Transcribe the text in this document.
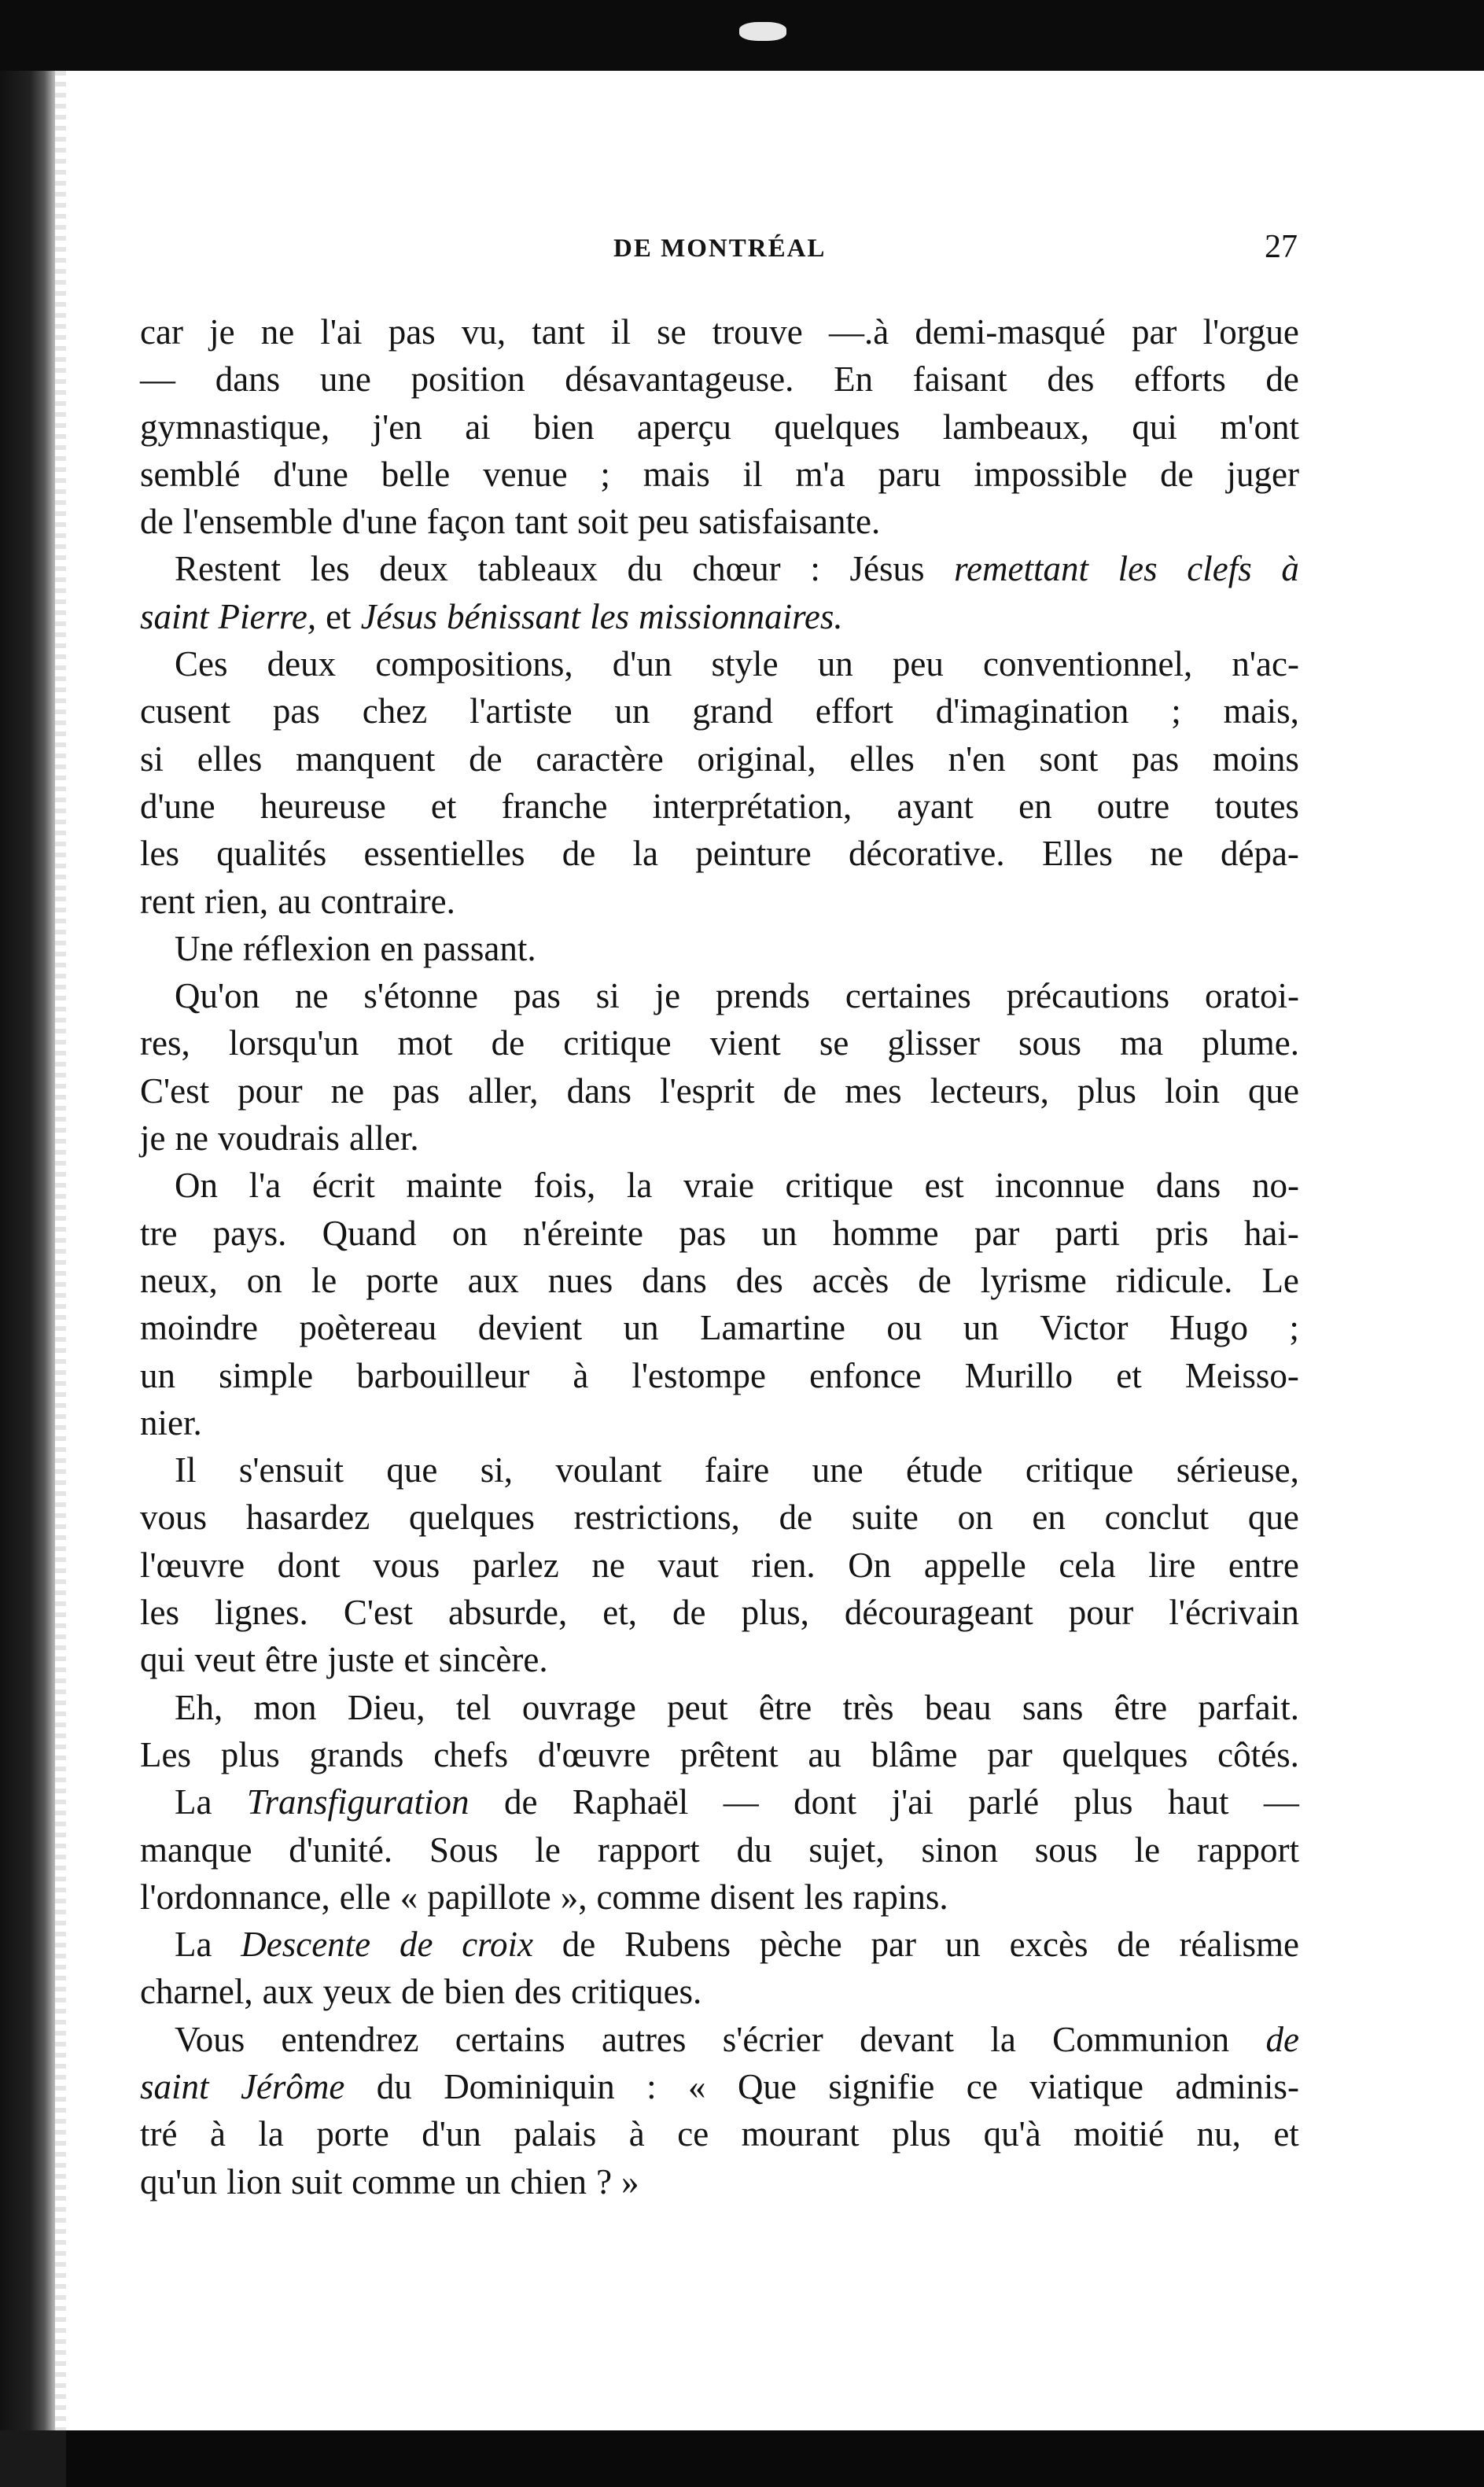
DE MONTRÉAL	27
car je ne l'ai pas vu, tant il se trouve —.à demi-masqué par l'orgue
— dans une position désavantageuse. En faisant des efforts de
gymnastique, j'en ai bien aperçu quelques lambeaux, qui m'ont
semblé d'une belle venue ; mais il m'a paru impossible de juger
de l'ensemble d'une façon tant soit peu satisfaisante.
Restent les deux tableaux du chœur : Jésus remettant les clefs à
saint Pierre, et Jésus bénissant les missionnaires.
Ces deux compositions, d'un style un peu conventionnel, n'ac-
cusent pas chez l'artiste un grand effort d'imagination ; mais,
si elles manquent de caractère original, elles n'en sont pas moins
d'une heureuse et franche interprétation, ayant en outre toutes
les qualités essentielles de la peinture décorative. Elles ne dépa-
rent rien, au contraire.
Une réflexion en passant.
Qu'on ne s'étonne pas si je prends certaines précautions oratoi-
res, lorsqu'un mot de critique vient se glisser sous ma plume.
C'est pour ne pas aller, dans l'esprit de mes lecteurs, plus loin que
je ne voudrais aller.
On l'a écrit mainte fois, la vraie critique est inconnue dans no-
tre pays. Quand on n'éreinte pas un homme par parti pris hai-
neux, on le porte aux nues dans des accès de lyrisme ridicule. Le
moindre poètereau devient un Lamartine ou un Victor Hugo ;
un simple barbouilleur à l'estompe enfonce Murillo et Meisso-
nier.
Il s'ensuit que si, voulant faire une étude critique sérieuse,
vous hasardez quelques restrictions, de suite on en conclut que
l'œuvre dont vous parlez ne vaut rien. On appelle cela lire entre
les lignes. C'est absurde, et, de plus, décourageant pour l'écrivain
qui veut être juste et sincère.
Eh, mon Dieu, tel ouvrage peut être très beau sans être parfait.
Les plus grands chefs d'œuvre prêtent au blâme par quelques côtés.
La Transfiguration de Raphaël — dont j'ai parlé plus haut —
manque d'unité. Sous le rapport du sujet, sinon sous le rapport
l'ordonnance, elle « papillote », comme disent les rapins.
La Descente de croix de Rubens pèche par un excès de réalisme
charnel, aux yeux de bien des critiques.
Vous entendrez certains autres s'écrier devant la Communion de
saint Jérôme du Dominiquin : « Que signifie ce viatique adminis-
tré à la porte d'un palais à ce mourant plus qu'à moitié nu, et
qu'un lion suit comme un chien ? »
